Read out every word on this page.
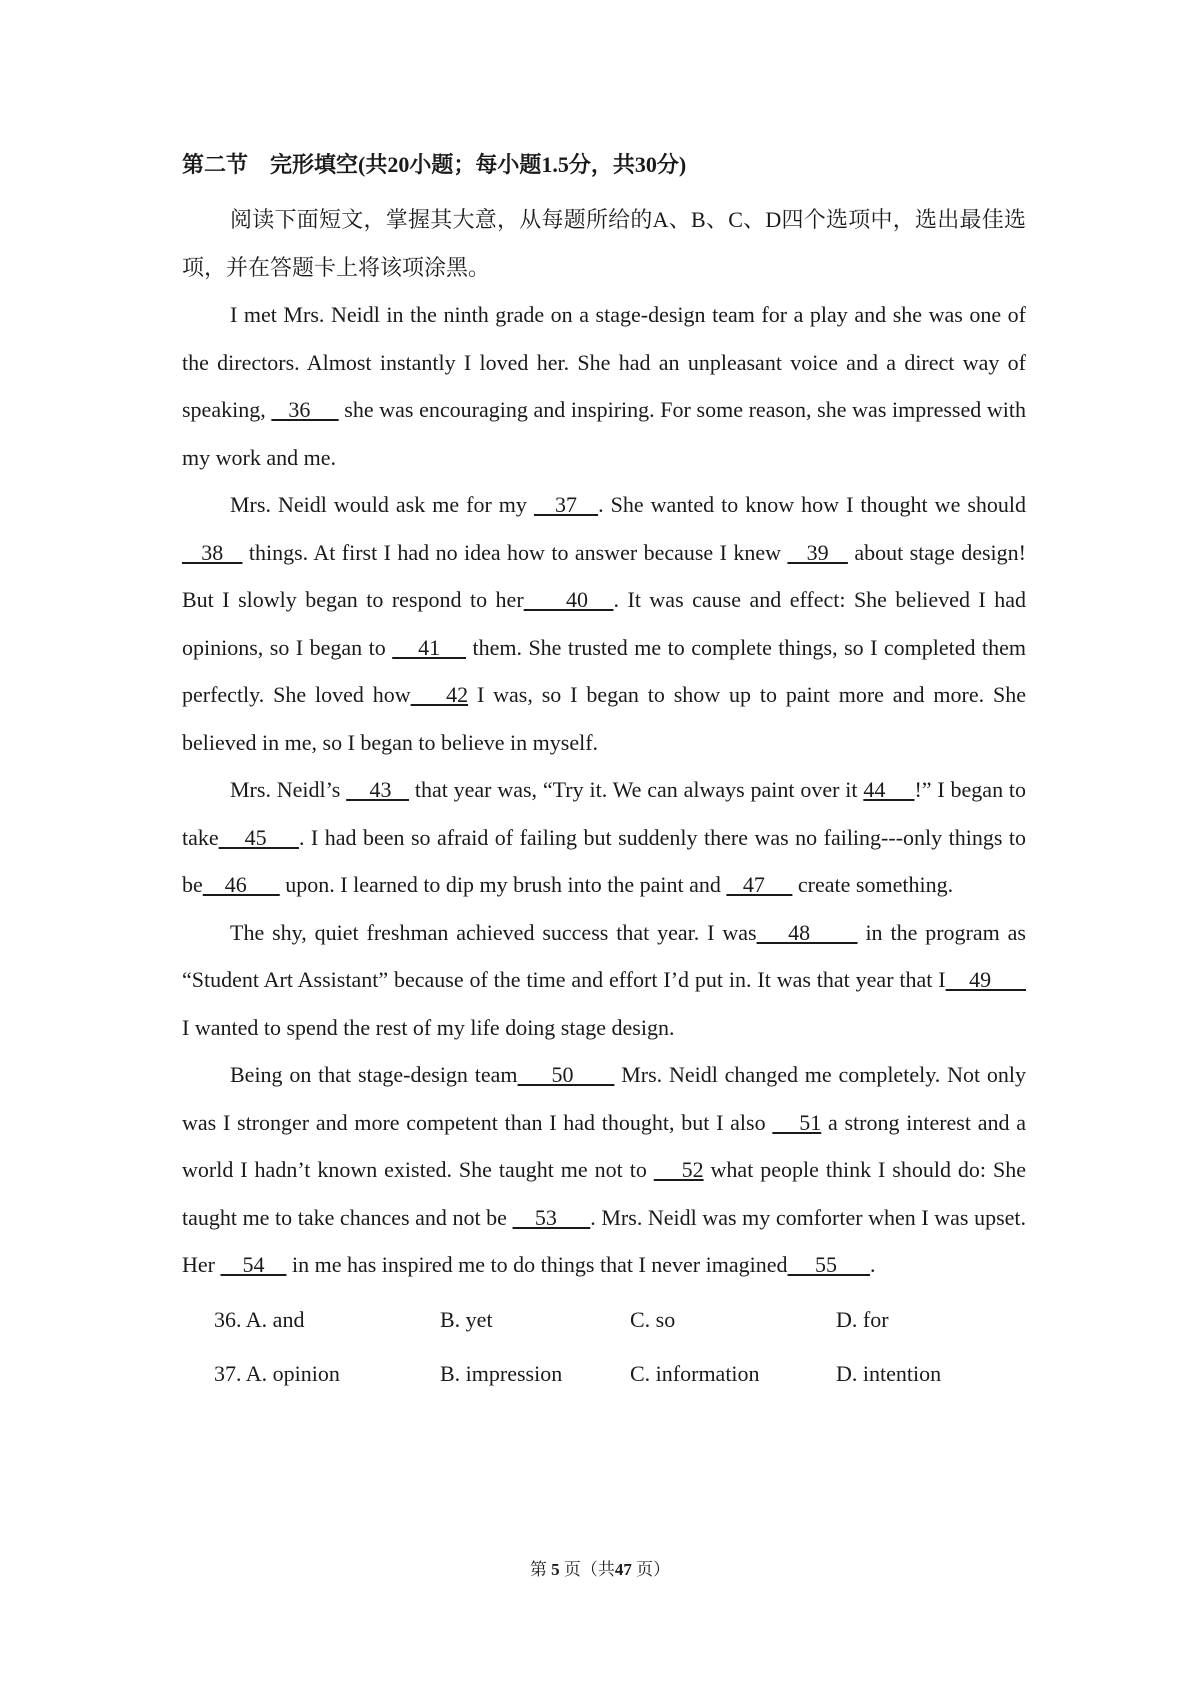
第二节　完形填空(共20小题；每小题1.5分，共30分)

阅读下面短文，掌握其大意，从每题所给的A、B、C、D四个选项中，选出最佳选项，并在答题卡上将该项涂黑。

I met Mrs. Neidl in the ninth grade on a stage-design team for a play and she was one of the directors. Almost instantly I loved her. She had an unpleasant voice and a direct way of speaking,    36      she was encouraging and inspiring. For some reason, she was impressed with my work and me.

Mrs. Neidl would ask me for my    37   . She wanted to know how I thought we should    38    things. At first I had no idea how to answer because I knew    39    about stage design! But I slowly began to respond to her     40   . It was cause and effect: She believed I had opinions, so I began to     41     them. She trusted me to complete things, so I completed them perfectly. She loved how    42 I was, so I began to show up to paint more and more. She believed in me, so I began to believe in myself.

Mrs. Neidl’s     43    that year was, “Try it. We can always paint over it 44     !” I began to take    45     . I had been so afraid of failing but suddenly there was no failing---only things to be    46       upon. I learned to dip my brush into the paint and    47      create something.

The shy, quiet freshman achieved success that year. I was    48       in the program as “Student Art Assistant” because of the time and effort I’d put in. It was that year that I    49       I wanted to spend the rest of my life doing stage design.

Being on that stage-design team     50       Mrs. Neidl changed me completely. Not only was I stronger and more competent than I had thought, but I also     51 a strong interest and a world I hadn’t known existed. She taught me not to     52 what people think I should do: She taught me to take chances and not be     53      . Mrs. Neidl was my comforter when I was upset. Her     54     in me has inspired me to do things that I never imagined     55      .

36. A. and	B. yet	C. so	D. for
37. A. opinion	B. impression	C. information	D. intention
第 5 页（共47 页）
